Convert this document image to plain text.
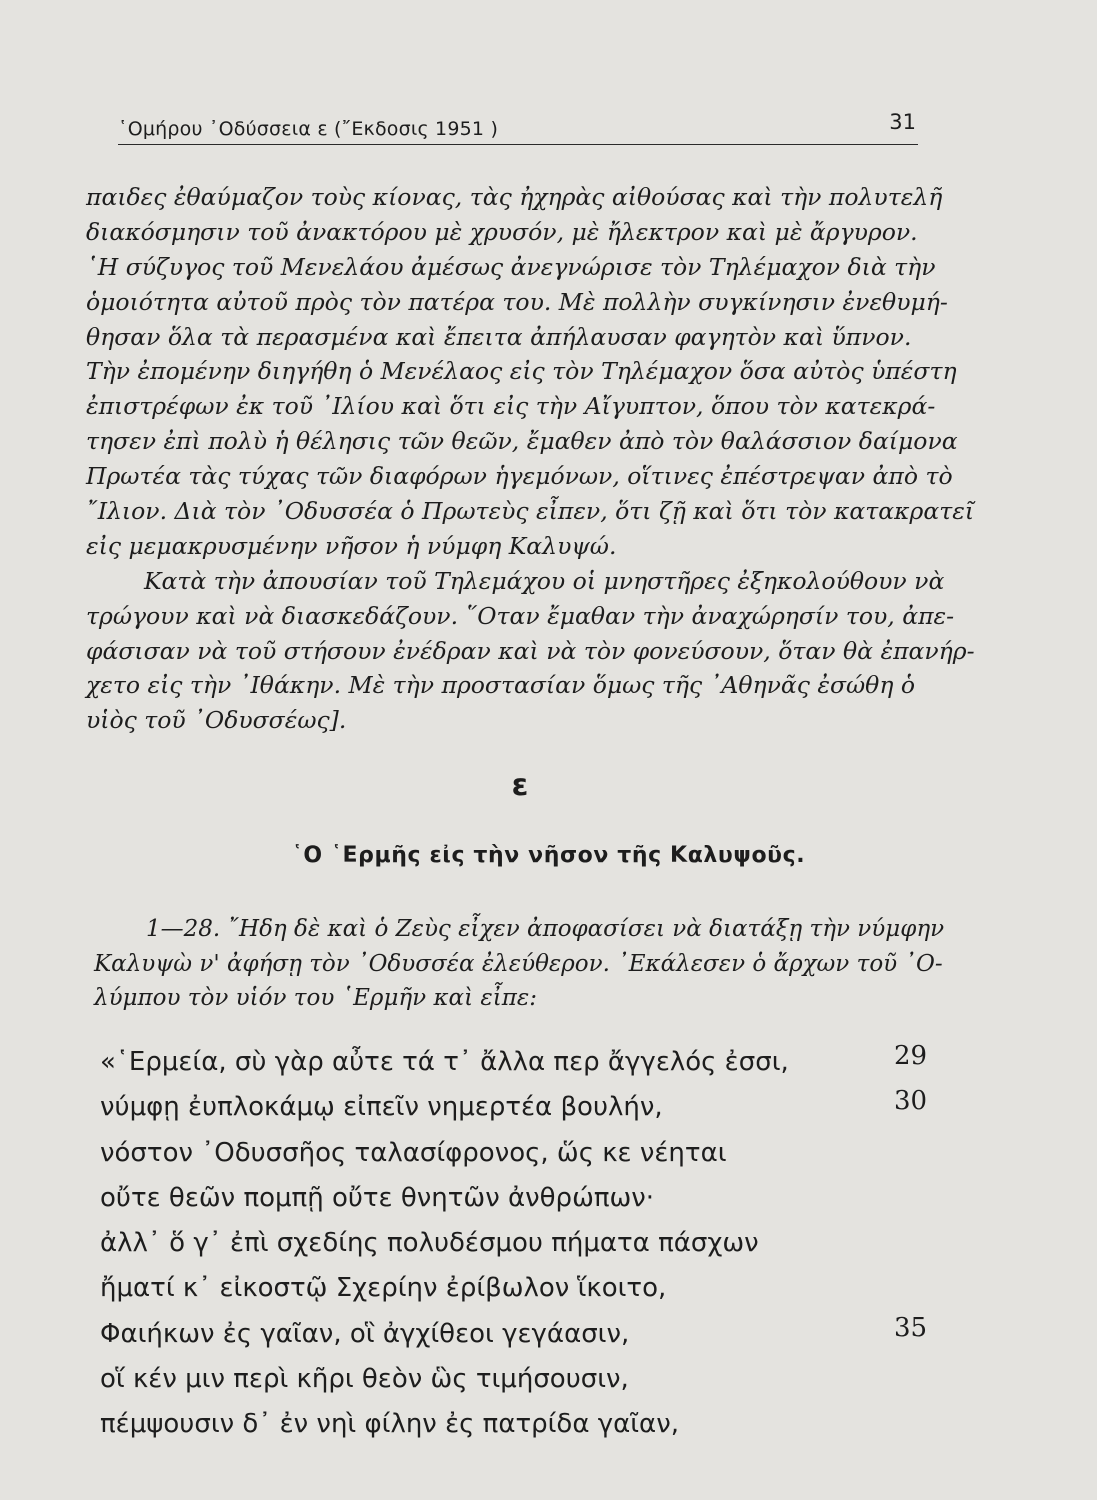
῾Ομήρου ᾿Οδύσσεια ε (῎Εκδοσις 1951 )	31
παιδες ἐθαύμαζον τοὺς κίονας, τὰς ἠχηρὰς αἰθούσας καὶ τὴν πολυτελῆ
διακόσμησιν τοῦ ἀνακτόρου μὲ χρυσόν, μὲ ἤλεκτρον καὶ μὲ ἄργυρον.
῾Η σύζυγος τοῦ Μενελάου ἀμέσως ἀνεγνώρισε τὸν Τηλέμαχον διὰ τὴν
ὁμοιότητα αὐτοῦ πρὸς τὸν πατέρα του. Μὲ πολλὴν συγκίνησιν ἐνεθυμή-
θησαν ὅλα τὰ περασμένα καὶ ἔπειτα ἀπήλαυσαν φαγητὸν καὶ ὕπνον.
Τὴν ἐπομένην διηγήθη ὁ Μενέλαος εἰς τὸν Τηλέμαχον ὅσα αὐτὸς ὑπέστη
ἐπιστρέφων ἐκ τοῦ ᾿Ιλίου καὶ ὅτι εἰς τὴν Αἴγυπτον, ὅπου τὸν κατεκρά-
τησεν ἐπὶ πολὺ ἡ θέλησις τῶν θεῶν, ἔμαθεν ἀπὸ τὸν θαλάσσιον δαίμονα
Πρωτέα τὰς τύχας τῶν διαφόρων ἡγεμόνων, οἵτινες ἐπέστρεψαν ἀπὸ τὸ
῎Ιλιον. Διὰ τὸν ᾿Οδυσσέα ὁ Πρωτεὺς εἶπεν, ὅτι ζῇ καὶ ὅτι τὸν κατακρατεῖ
εἰς μεμακρυσμένην νῆσον ἡ νύμφη Καλυψώ.
Κατὰ τὴν ἀπουσίαν τοῦ Τηλεμάχου οἱ μνηστῆρες ἐξηκολούθουν νὰ
τρώγουν καὶ νὰ διασκεδάζουν. ῞Οταν ἔμαθαν τὴν ἀναχώρησίν του, ἀπε-
φάσισαν νὰ τοῦ στήσουν ἐνέδραν καὶ νὰ τὸν φονεύσουν, ὅταν θὰ ἐπανήρ-
χετο εἰς τὴν ᾿Ιθάκην. Μὲ τὴν προστασίαν ὅμως τῆς ᾿Αθηνᾶς ἐσώθη ὁ
υἱὸς τοῦ ᾿Οδυσσέως].
ε
῾Ο ῾Ερμῆς εἰς τὴν νῆσον τῆς Καλυψοῦς.
1—28. ῎Ηδη δὲ καὶ ὁ Ζεὺς εἶχεν ἀποφασίσει νὰ διατάξῃ τὴν νύμφην
Καλυψὼ ν' ἀφήσῃ τὸν ᾿Οδυσσέα ἐλεύθερον. ᾿Εκάλεσεν ὁ ἄρχων τοῦ ᾿Ο-
λύμπου τὸν υἱόν του ῾Ερμῆν καὶ εἶπε:
«῾Ερμεία, σὺ γὰρ αὖτε τά τ᾿ ἄλλα περ ἄγγελός ἐσσι,	29
νύμφῃ ἐυπλοκάμῳ εἰπεῖν νημερτέα βουλήν,	30
νόστον ᾿Οδυσσῆος ταλασίφρονος, ὥς κε νέηται
οὔτε θεῶν πομπῇ οὔτε θνητῶν ἀνθρώπων·
ἀλλ᾿ ὅ γ᾿ ἐπὶ σχεδίης πολυδέσμου πήματα πάσχων
ἤματί κ᾿ εἰκοστῷ Σχερίην ἐρίβωλον ἵκοιτο,
Φαιήκων ἐς γαῖαν, οἳ ἀγχίθεοι γεγάασιν,	35
οἵ κέν μιν περὶ κῆρι θεὸν ὣς τιμήσουσιν,
πέμψουσιν δ᾿ ἐν νηὶ φίλην ἐς πατρίδα γαῖαν,
